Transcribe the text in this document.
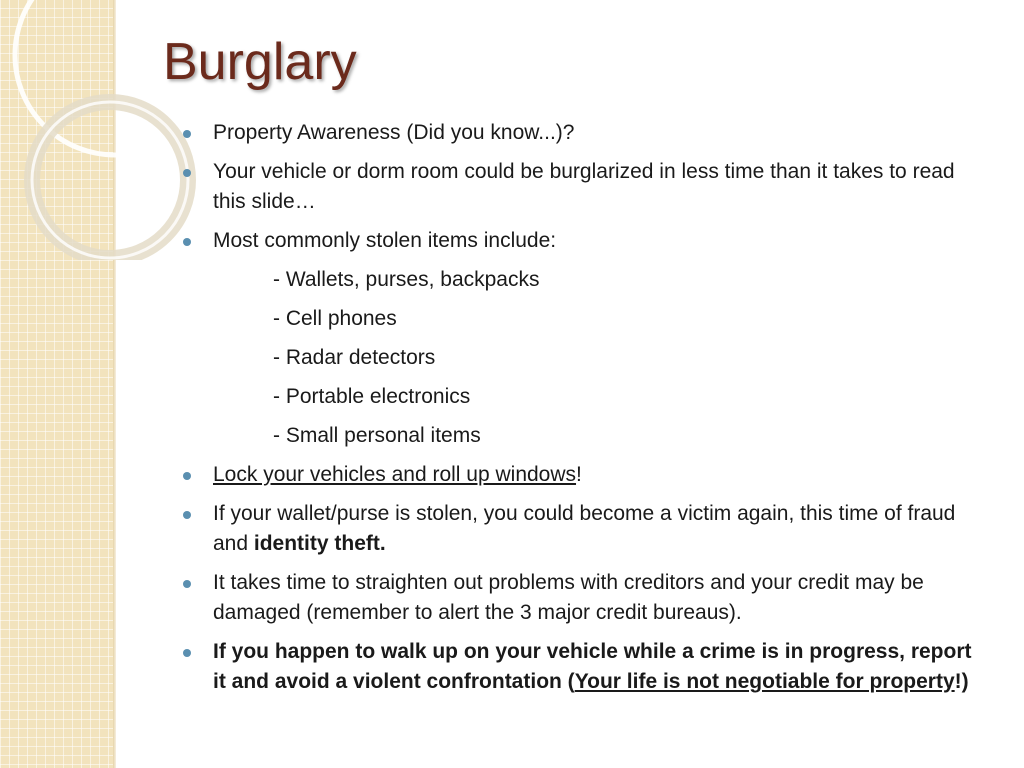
Burglary
Property Awareness (Did you know...)?
Your vehicle or dorm room could be burglarized in less time than it takes to read this slide…
Most commonly stolen items include:
- Wallets, purses, backpacks
- Cell phones
- Radar detectors
- Portable electronics
- Small personal items
Lock your vehicles and roll up windows!
If your wallet/purse is stolen, you could become a victim again, this time of fraud and identity theft.
It takes time to straighten out problems with creditors and your credit may be damaged (remember to alert the 3 major credit bureaus).
If you happen to walk up on your vehicle while a crime is in progress, report it and avoid a violent confrontation (Your life is not negotiable for property!)
